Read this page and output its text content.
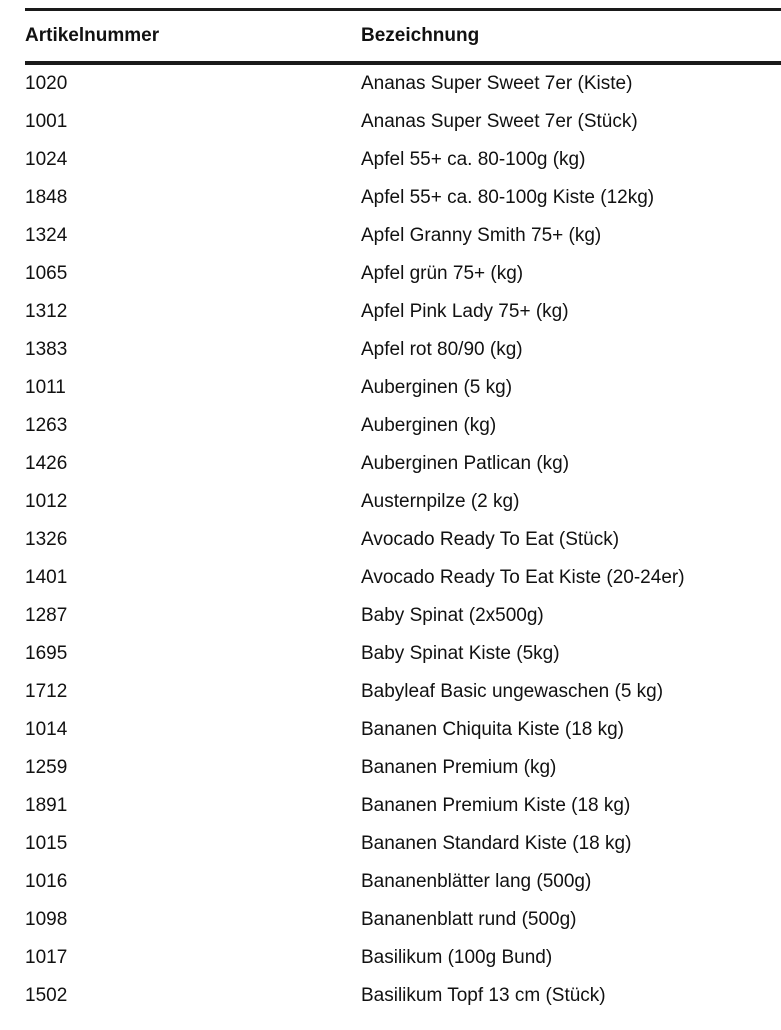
Artikelnummer	Bezeichnung
1020	Ananas Super Sweet 7er (Kiste)
1001	Ananas Super Sweet 7er (Stück)
1024	Apfel 55+ ca. 80-100g (kg)
1848	Apfel 55+ ca. 80-100g Kiste (12kg)
1324	Apfel Granny Smith 75+ (kg)
1065	Apfel grün 75+ (kg)
1312	Apfel Pink Lady 75+ (kg)
1383	Apfel rot 80/90 (kg)
1011	Auberginen (5 kg)
1263	Auberginen (kg)
1426	Auberginen Patlican (kg)
1012	Austernpilze (2 kg)
1326	Avocado Ready To Eat (Stück)
1401	Avocado Ready To Eat Kiste (20-24er)
1287	Baby Spinat (2x500g)
1695	Baby Spinat Kiste (5kg)
1712	Babyleaf Basic ungewaschen (5 kg)
1014	Bananen Chiquita Kiste (18 kg)
1259	Bananen Premium (kg)
1891	Bananen Premium Kiste (18 kg)
1015	Bananen Standard Kiste (18 kg)
1016	Bananenblätter lang (500g)
1098	Bananenblatt rund (500g)
1017	Basilikum (100g Bund)
1502	Basilikum Topf 13 cm (Stück)
